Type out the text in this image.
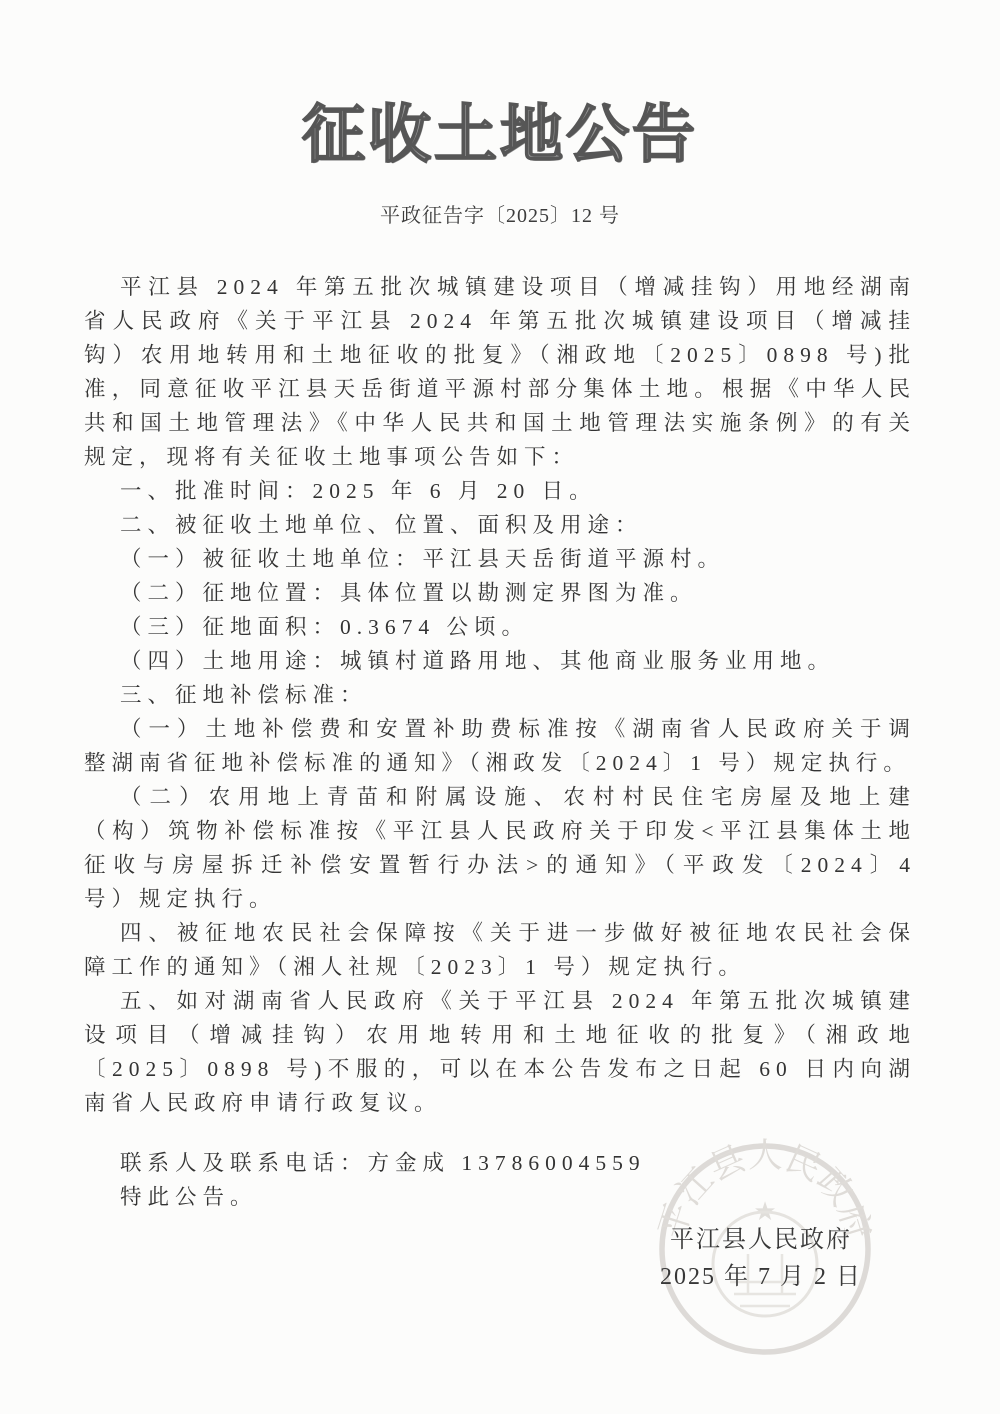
平江县人民政府
★
征收土地公告
平政征告字〔2025〕12 号

平江县 2024 年第五批次城镇建设项目（增减挂钩）用地经湖南省人民政府《关于平江县 2024 年第五批次城镇建设项目（增减挂钩）农用地转用和土地征收的批复》（湘政地〔2025〕0898 号)批准，同意征收平江县天岳街道平源村部分集体土地。根据《中华人民共和国土地管理法》《中华人民共和国土地管理法实施条例》的有关规定，现将有关征收土地事项公告如下：

一、批准时间：2025 年 6 月 20 日。

二、被征收土地单位、位置、面积及用途：

（一）被征收土地单位：平江县天岳街道平源村。

（二）征地位置：具体位置以勘测定界图为准。

（三）征地面积：0.3674 公顷。

（四）土地用途：城镇村道路用地、其他商业服务业用地。

三、征地补偿标准：

（一）土地补偿费和安置补助费标准按《湖南省人民政府关于调整湖南省征地补偿标准的通知》（湘政发〔2024〕1 号）规定执行。

（二）农用地上青苗和附属设施、农村村民住宅房屋及地上建（构）筑物补偿标准按《平江县人民政府关于印发<平江县集体土地征收与房屋拆迁补偿安置暂行办法>的通知》（平政发〔2024〕4 号）规定执行。

四、被征地农民社会保障按《关于进一步做好被征地农民社会保障工作的通知》（湘人社规〔2023〕1 号）规定执行。

五、如对湖南省人民政府《关于平江县 2024 年第五批次城镇建设项目（增减挂钩）农用地转用和土地征收的批复》（湘政地〔2025〕0898 号)不服的，可以在本公告发布之日起 60 日内向湖南省人民政府申请行政复议。

联系人及联系电话：方金成 13786004559

特此公告。

平江县人民政府
2025 年 7 月 2 日
